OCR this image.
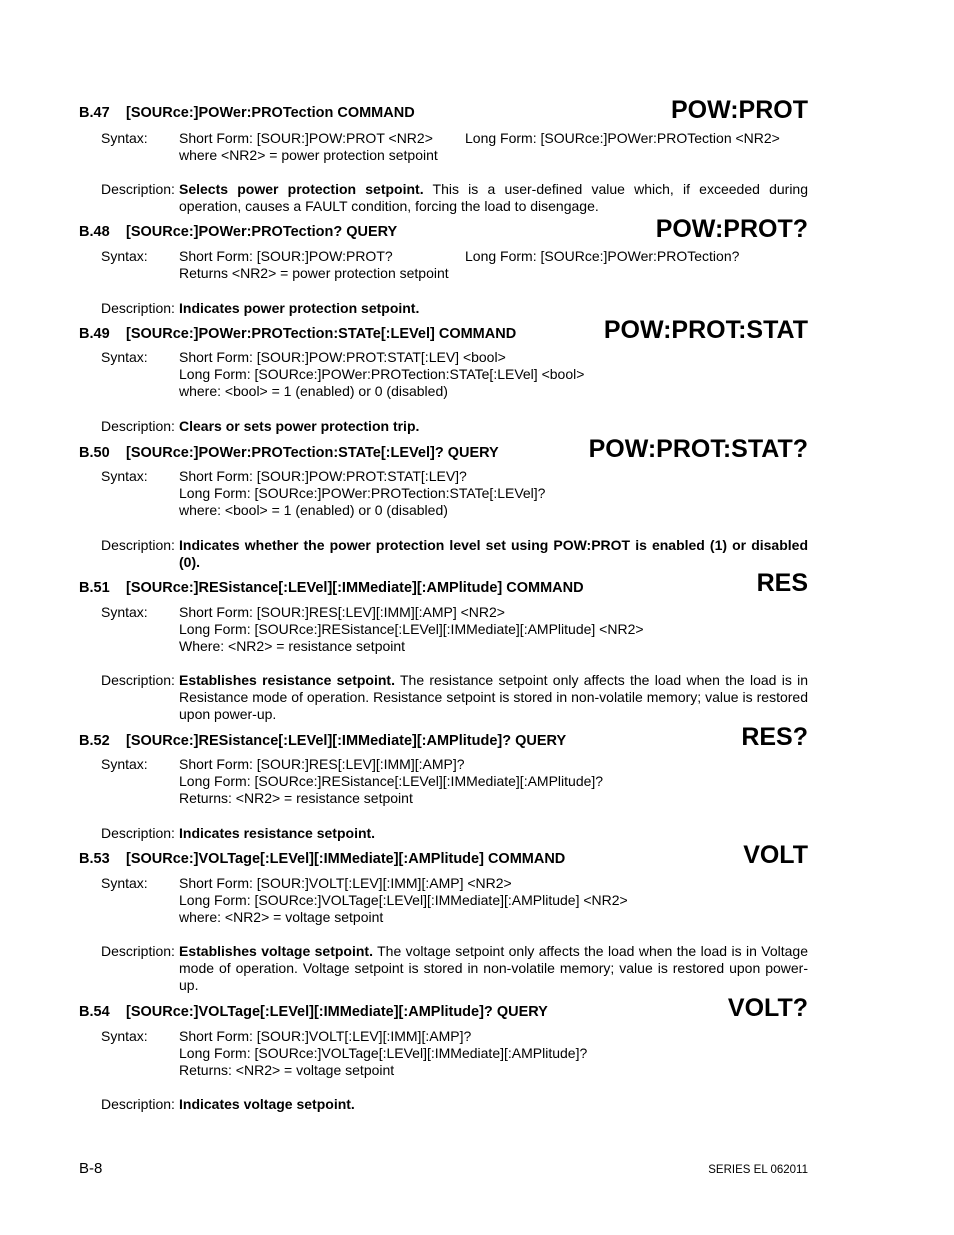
B.47 [SOURce:]POWer:PROTection COMMAND	POW:PROT
Syntax: Short Form: [SOUR:]POW:PROT <NR2> Long Form: [SOURce:]POWer:PROTection <NR2>
where <NR2> = power protection setpoint
Description: Selects power protection setpoint. This is a user-defined value which, if exceeded during operation, causes a FAULT condition, forcing the load to disengage.
B.48 [SOURce:]POWer:PROTection? QUERY	POW:PROT?
Syntax: Short Form: [SOUR:]POW:PROT?	Long Form: [SOURce:]POWer:PROTection?
Returns <NR2> = power protection setpoint
Description: Indicates power protection setpoint.
B.49 [SOURce:]POWer:PROTection:STATe[:LEVel] COMMAND	POW:PROT:STAT
Syntax: Short Form: [SOUR:]POW:PROT:STAT[:LEV] <bool>
Long Form: [SOURce:]POWer:PROTection:STATe[:LEVel] <bool>
where: <bool> = 1 (enabled) or 0 (disabled)
Description: Clears or sets power protection trip.
B.50 [SOURce:]POWer:PROTection:STATe[:LEVel]? QUERY	POW:PROT:STAT?
Syntax: Short Form: [SOUR:]POW:PROT:STAT[:LEV]?
Long Form: [SOURce:]POWer:PROTection:STATe[:LEVel]?
where: <bool> = 1 (enabled) or 0 (disabled)
Description: Indicates whether the power protection level set using POW:PROT is enabled (1) or disabled (0).
B.51 [SOURce:]RESistance[:LEVel][:IMMediate][:AMPlitude] COMMAND	RES
Syntax: Short Form: [SOUR:]RES[:LEV][:IMM][:AMP] <NR2>
Long Form: [SOURce:]RESistance[:LEVel][:IMMediate][:AMPlitude] <NR2>
Where: <NR2> = resistance setpoint
Description: Establishes resistance setpoint. The resistance setpoint only affects the load when the load is in Resistance mode of operation. Resistance setpoint is stored in non-volatile memory; value is restored upon power-up.
B.52 [SOURce:]RESistance[:LEVel][:IMMediate][:AMPlitude]? QUERY	RES?
Syntax: Short Form: [SOUR:]RES[:LEV][:IMM][:AMP]?
Long Form: [SOURce:]RESistance[:LEVel][:IMMediate][:AMPlitude]?
Returns: <NR2> = resistance setpoint
Description: Indicates resistance setpoint.
B.53 [SOURce:]VOLTage[:LEVel][:IMMediate][:AMPlitude] COMMAND	VOLT
Syntax: Short Form: [SOUR:]VOLT[:LEV][:IMM][:AMP] <NR2>
Long Form: [SOURce:]VOLTage[:LEVel][:IMMediate][:AMPlitude] <NR2>
where: <NR2> = voltage setpoint
Description: Establishes voltage setpoint. The voltage setpoint only affects the load when the load is in Voltage mode of operation. Voltage setpoint is stored in non-volatile memory; value is restored upon power-up.
B.54 [SOURce:]VOLTage[:LEVel][:IMMediate][:AMPlitude]? QUERY	VOLT?
Syntax: Short Form: [SOUR:]VOLT[:LEV][:IMM][:AMP]?
Long Form: [SOURce:]VOLTage[:LEVel][:IMMediate][:AMPlitude]?
Returns: <NR2> = voltage setpoint
Description: Indicates voltage setpoint.
B-8	SERIES EL 062011
